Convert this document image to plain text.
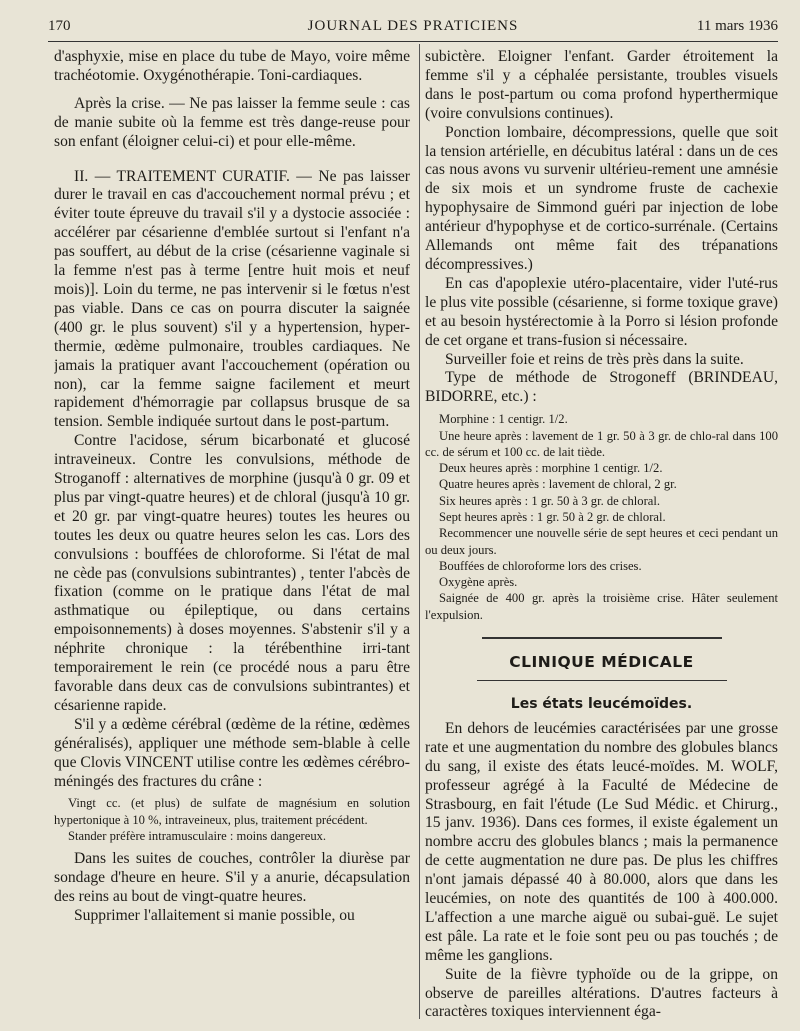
170	JOURNAL DES PRATICIENS	11 mars 1936

d'asphyxie, mise en place du tube de Mayo, voire même trachéotomie. Oxygénothérapie. Toni-cardiaques.

Après la crise. — Ne pas laisser la femme seule : cas de manie subite où la femme est très dange-reuse pour son enfant (éloigner celui-ci) et pour elle-même.

II. — TRAITEMENT CURATIF. — Ne pas laisser durer le travail en cas d'accouchement normal prévu ; et éviter toute épreuve du travail s'il y a dystocie associée : accélérer par césarienne d'emblée surtout si l'enfant n'a pas souffert, au début de la crise (césarienne vaginale si la femme n'est pas à terme [entre huit mois et neuf mois)]. Loin du terme, ne pas intervenir si le fœtus n'est pas viable. Dans ce cas on pourra discuter la saignée (400 gr. le plus souvent) s'il y a hypertension, hyper-thermie, œdème pulmonaire, troubles cardiaques. Ne jamais la pratiquer avant l'accouchement (opération ou non), car la femme saigne facilement et meurt rapidement d'hémorragie par collapsus brusque de sa tension. Semble indiquée surtout dans le post-partum.

Contre l'acidose, sérum bicarbonaté et glucosé intraveineux. Contre les convulsions, méthode de Stroganoff : alternatives de morphine (jusqu'à 0 gr. 09 et plus par vingt-quatre heures) et de chloral (jusqu'à 10 gr. et 20 gr. par vingt-quatre heures) toutes les heures ou toutes les deux ou quatre heures selon les cas. Lors des convulsions : bouffées de chloroforme. Si l'état de mal ne cède pas (convulsions subintrantes) , tenter l'abcès de fixation (comme on le pratique dans l'état de mal asthmatique ou épileptique, ou dans certains empoisonnements) à doses moyennes. S'abstenir s'il y a néphrite chronique : la térébenthine irri-tant temporairement le rein (ce procédé nous a paru être favorable dans deux cas de convulsions subintrantes) et césarienne rapide.

S'il y a œdème cérébral (œdème de la rétine, œdèmes généralisés), appliquer une méthode sem-blable à celle que Clovis VINCENT utilise contre les œdèmes cérébro-méningés des fractures du crâne :

Vingt cc. (et plus) de sulfate de magnésium en solution hypertonique à 10 %, intraveineux, plus, traitement précédent.

Stander préfère intramusculaire : moins dangereux.

Dans les suites de couches, contrôler la diurèse par sondage d'heure en heure. S'il y a anurie, décapsulation des reins au bout de vingt-quatre heures.

Supprimer l'allaitement si manie possible, ou

subictère. Eloigner l'enfant. Garder étroitement la femme s'il y a céphalée persistante, troubles visuels dans le post-partum ou coma profond hyperthermique (voire convulsions continues).

Ponction lombaire, décompressions, quelle que soit la tension artérielle, en décubitus latéral : dans un de ces cas nous avons vu survenir ultérieu-rement une amnésie de six mois et un syndrome fruste de cachexie hypophysaire de Simmond guéri par injection de lobe antérieur d'hypophyse et de cortico-surrénale. (Certains Allemands ont même fait des trépanations décompressives.)

En cas d'apoplexie utéro-placentaire, vider l'uté-rus le plus vite possible (césarienne, si forme toxique grave) et au besoin hystérectomie à la Porro si lésion profonde de cet organe et trans-fusion si nécessaire.

Surveiller foie et reins de très près dans la suite.

Type de méthode de Strogoneff (BRINDEAU, BIDORRE, etc.) :

Morphine : 1 centigr. 1/2.

Une heure après : lavement de 1 gr. 50 à 3 gr. de chlo-ral dans 100 cc. de sérum et 100 cc. de lait tiède.

Deux heures après : morphine 1 centigr. 1/2.

Quatre heures après : lavement de chloral, 2 gr.

Six heures après : 1 gr. 50 à 3 gr. de chloral.

Sept heures après : 1 gr. 50 à 2 gr. de chloral.

Recommencer une nouvelle série de sept heures et ceci pendant un ou deux jours.

Bouffées de chloroforme lors des crises.

Oxygène après.

Saignée de 400 gr. après la troisième crise. Hâter seulement l'expulsion.

CLINIQUE MÉDICALE
Les états leucémoïdes.

En dehors de leucémies caractérisées par une grosse rate et une augmentation du nombre des globules blancs du sang, il existe des états leucé-moïdes. M. WOLF, professeur agrégé à la Faculté de Médecine de Strasbourg, en fait l'étude (Le Sud Médic. et Chirurg., 15 janv. 1936). Dans ces formes, il existe également un nombre accru des globules blancs ; mais la permanence de cette augmentation ne dure pas. De plus les chiffres n'ont jamais dépassé 40 à 80.000, alors que dans les leucémies, on note des quantités de 100 à 400.000. L'affection a une marche aiguë ou subai-guë. Le sujet est pâle. La rate et le foie sont peu ou pas touchés ; de même les ganglions.

Suite de la fièvre typhoïde ou de la grippe, on observe de pareilles altérations. D'autres facteurs à caractères toxiques interviennent éga-
